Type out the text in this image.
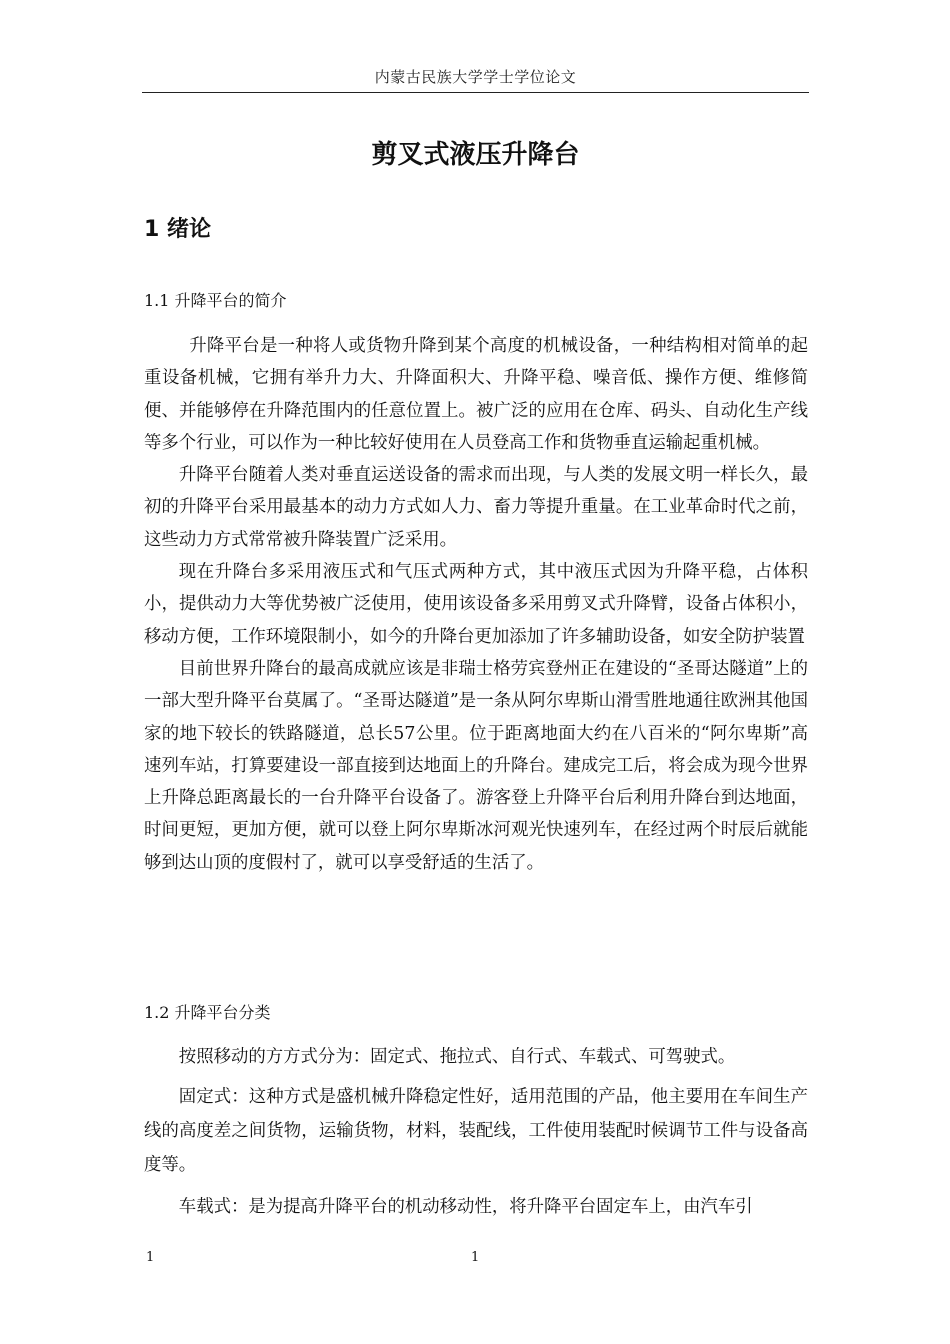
内蒙古民族大学学士学位论文
剪叉式液压升降台
1 绪论
1.1 升降平台的简介

升降平台是一种将人或货物升降到某个高度的机械设备，一种结构相对简单的起重设备机械，它拥有举升力大、升降面积大、升降平稳、噪音低、操作方便、维修简便、并能够停在升降范围内的任意位置上。被广泛的应用在仓库、码头、自动化生产线等多个行业，可以作为一种比较好使用在人员登高工作和货物垂直运输起重机械。

升降平台随着人类对垂直运送设备的需求而出现，与人类的发展文明一样长久，最初的升降平台采用最基本的动力方式如人力、畜力等提升重量。在工业革命时代之前，这些动力方式常常被升降装置广泛采用。

现在升降台多采用液压式和气压式两种方式，其中液压式因为升降平稳，占体积小，提供动力大等优势被广泛使用，使用该设备多采用剪叉式升降臂，设备占体积小，移动方便，工作环境限制小，如今的升降台更加添加了许多辅助设备，如安全防护装置

目前世界升降台的最高成就应该是非瑞士格劳宾登州正在建设的“圣哥达隧道”上的一部大型升降平台莫属了。“圣哥达隧道”是一条从阿尔卑斯山滑雪胜地通往欧洲其他国家的地下较长的铁路隧道，总长57公里。位于距离地面大约在八百米的“阿尔卑斯”高速列车站，打算要建设一部直接到达地面上的升降台。建成完工后，将会成为现今世界上升降总距离最长的一台升降平台设备了。游客登上升降平台后利用升降台到达地面，时间更短，更加方便，就可以登上阿尔卑斯冰河观光快速列车，在经过两个时辰后就能够到达山顶的度假村了，就可以享受舒适的生活了。

1.2 升降平台分类

按照移动的方方式分为：固定式、拖拉式、自行式、车载式、可驾驶式。

固定式：这种方式是盛机械升降稳定性好，适用范围的产品，他主要用在车间生产线的高度差之间货物，运输货物，材料，装配线，工件使用装配时候调节工件与设备高度等。

车载式：是为提高升降平台的机动移动性，将升降平台固定车上，由汽车引

1	1
